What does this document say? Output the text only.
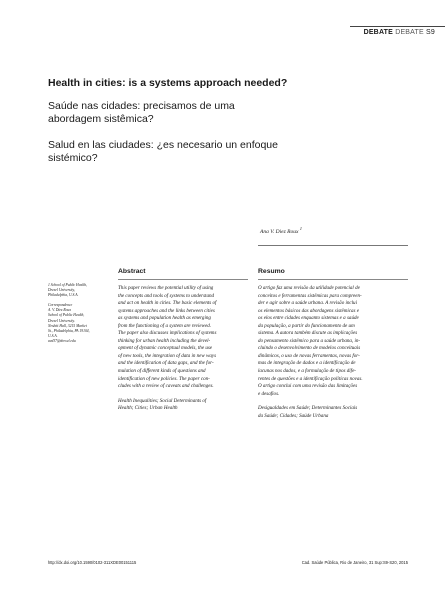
DEBATE DEBATE S9
Health in cities: is a systems approach needed?
Saúde nas cidades: precisamos de uma abordagem sistêmica?
Salud en las ciudades: ¿es necesario un enfoque sistémico?
Ana V. Diez Roux $^1$
Abstract	Resumo
1 School of Public Health,
Drexel University,
Philadelphia, U.S.A.
Correspondence
A. V. Diez Roux
School of Public Health,
Drexel University.
Nesbitt Hall, 3215 Market
St., Philadelphia, PA 19104,
U.S.A.
avd37@drexel.edu

This paper reviews the potential utility of using

the concepts and tools of systems to understand

and act on health in cities. The basic elements of

systems approaches and the links between cities

as systems and population health as emerging

from the functioning of a system are reviewed.

The paper also discusses implications of systems

thinking for urban health including the devel-

opment of dynamic conceptual models, the use

of new tools, the integration of data in new ways

and the identification of data gaps, and the for-

mulation of different kinds of questions and

identification of new policies. The paper con-

cludes with a review of caveats and challenges.

Health Inequalities; Social Determinants of

Health; Cities; Urban Health

O artigo faz uma revisão da utilidade potencial de

conceitos e ferramentas sistêmicas para compreen-

der e agir sobre a saúde urbana. A revisão inclui

os elementos básicos das abordagens sistêmicas e

os elos entre cidades enquanto sistemas e a saúde

da população, a partir do funcionamento de um

sistema. A autora também discute as implicações

do pensamento sistêmico para a saúde urbana, in-

cluindo o desenvolvimento de modelos conceituais

dinâmicos, o uso de novas ferramentas, novas for-

mas de integração de dados e a identificação de

lacunas nos dados, e a formulação de tipos dife-

rentes de questões e a identificação políticas novas.

O artigo conclui com uma revisão das limitações

e desafios.

Desigualdades em Saúde; Determinantes Sociais

da Saúde; Cidades; Saúde Urbana

http://dx.doi.org/10.1590/0102-311XDE00151115	Cad. Saúde Pública, Rio de Janeiro, 31 Sup:S9-S20, 2015
